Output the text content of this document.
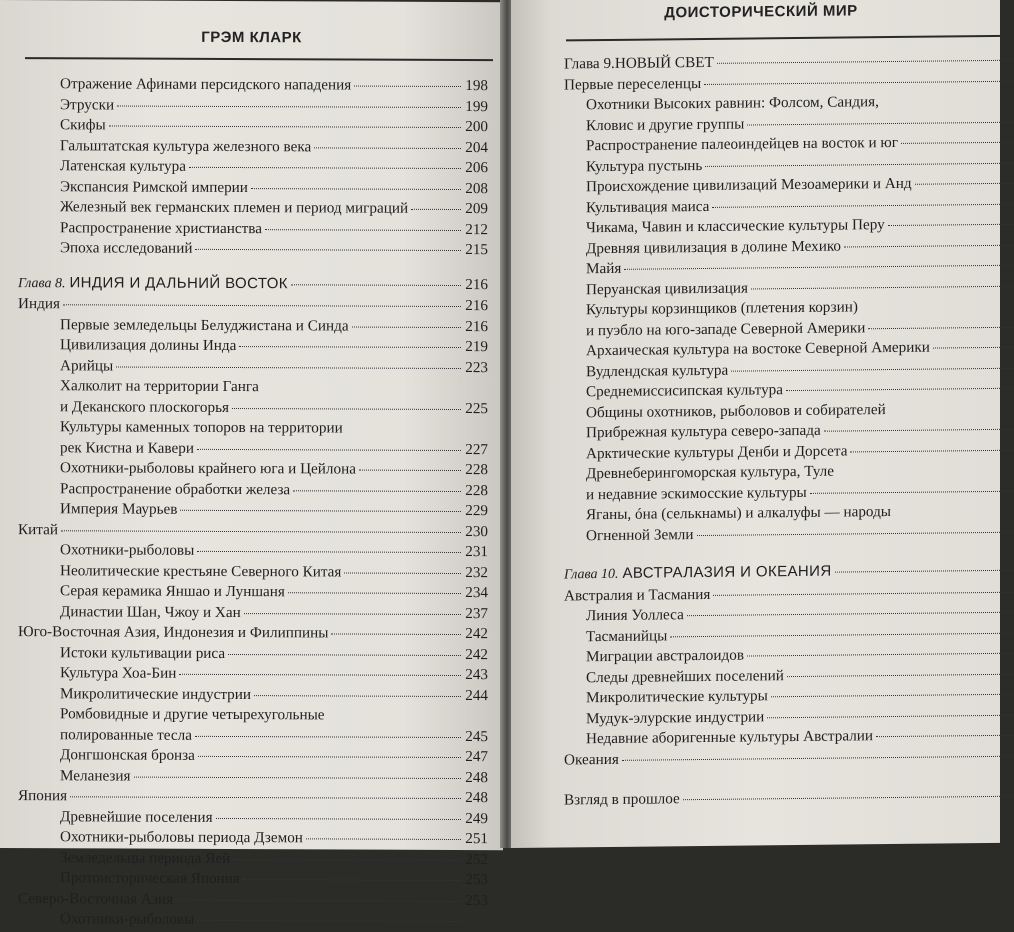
ГРЭМ КЛАРК
Отражение Афинами персидского нападения	198
Этруски	199
Скифы	200
Гальштатская культура железного века	204
Латенская культура	206
Экспансия Римской империи	208
Железный век германских племен и период миграций	209
Распространение христианства	212
Эпоха исследований	215
Глава 8. ИНДИЯ И ДАЛЬНИЙ ВОСТОК	216
Индия	216
Первые земледельцы Белуджистана и Синда	216
Цивилизация долины Инда	219
Арийцы	223
Халколит на территории Ганга
и Деканского плоскогорья	225
Культуры каменных топоров на территории
рек Кистна и Кавери	227
Охотники-рыболовы крайнего юга и Цейлона	228
Распространение обработки железа	228
Империя Маурьев	229
Китай	230
Охотники-рыболовы	231
Неолитические крестьяне Северного Китая	232
Серая керамика Яншао и Луншаня	234
Династии Шан, Чжоу и Хан	237
Юго-Восточная Азия, Индонезия и Филиппины	242
Истоки культивации риса	242
Культура Хоа-Бин	243
Микролитические индустрии	244
Ромбовидные и другие четырехугольные
полированные тесла	245
Донгшонская бронза	247
Меланезия	248
Япония	248
Древнейшие поселения	249
Охотники-рыболовы периода Дземон	251
Земледельцы периода Яей	252
Протоисторическая Япония	253
Северо-Восточная Азия	253
Охотники-рыболовы
ДОИСТОРИЧЕСКИЙ МИР
Глава 9.НОВЫЙ СВЕТ
Первые переселенцы
Охотники Высоких равнин: Фолсом, Сандия,
Кловис и другие группы
Распространение палеоиндейцев на восток и юг
Культура пустынь
Происхождение цивилизаций Мезоамерики и Анд
Культивация маиса
Чикама, Чавин и классические культуры Перу
Древняя цивилизация в долине Мехико
Майя
Перуанская цивилизация
Культуры корзинщиков (плетения корзин)
и пуэбло на юго-западе Северной Америки
Архаическая культура на востоке Северной Америки
Вудлендская культура
Среднемиссисипская культура
Общины охотников, рыболовов и собирателей
Прибрежная культура северо-запада
Арктические культуры Денби и Дорсета
Древнеберингоморская культура, Туле
и недавние эскимосские культуры
Яганы, óна (селькнамы) и алкалуфы — народы
Огненной Земли
Глава 10. АВСТРАЛАЗИЯ И ОКЕАНИЯ
Австралия и Тасмания
Линия Уоллеса
Тасманийцы
Миграции австралоидов
Следы древнейших поселений
Микролитические культуры
Мудук-элурские индустрии
Недавние аборигенные культуры Австралии
Океания
Взгляд в прошлое
